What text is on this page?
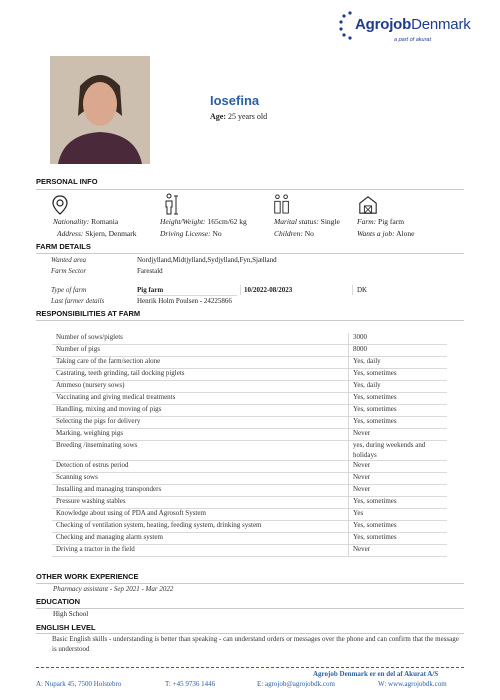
AgrojobDenmark
a part of akurat
Iosefina
Age: 25 years old
PERSONAL INFO
Nationality: Romania
Address: Skjern, Denmark
Height/Weight: 165cm/62 kg
Driving License: No
Marital status: Single
Children: No
Farm: Pig farm
Wants a job: Alone
FARM DETAILS
Wanted area	Nordjylland,Midtjylland,Sydjylland,Fyn,Sjælland
Farm Sector	Farestald
Type of farm	Pig farm	10/2022-08/2023	DK
Last farmer details	Henrik Holm Poulsen - 24225866
RESPONSIBILITIES AT FARM
Number of sows/piglets	3000
Number of pigs	8000
Taking care of the farm/section alone	Yes, daily
Castrating, teeth grinding, tail docking piglets	Yes, sometimes
Ammeso (nursery sows)	Yes, daily
Vaccinating and giving medical treatments	Yes, sometimes
Handling, mixing and moving of pigs	Yes, sometimes
Selecting the pigs for delivery	Yes, sometimes
Marking, weighing pigs	Never
Breeding /inseminating sows	yes, during weekends and holidays
Detection of estrus period	Never
Scanning sows	Never
Installing and managing transponders	Never
Pressure washing stables	Yes, sometimes
Knowledge about using of PDA and Agrosoft System	Yes
Checking of ventilation system, heating, feeding system, drinking system	Yes, sometimes
Checking and managing alarm system	Yes, sometimes
Driving a tractor in the field	Never
OTHER WORK EXPERIENCE
Pharmacy assistant - Sep 2021 - Mar 2022
EDUCATION
High School
ENGLISH LEVEL
Basic English skills - understanding is better than speaking - can understand orders or messages over the phone and can confirm that the message is understood
Agrojob Denmark er en del af Akurat A/S
A: Nupark 45, 7500 Holstebro	T: +45 9736 1446	E: agrojob@agrojobdk.com	W: www.agrojobdk.com
